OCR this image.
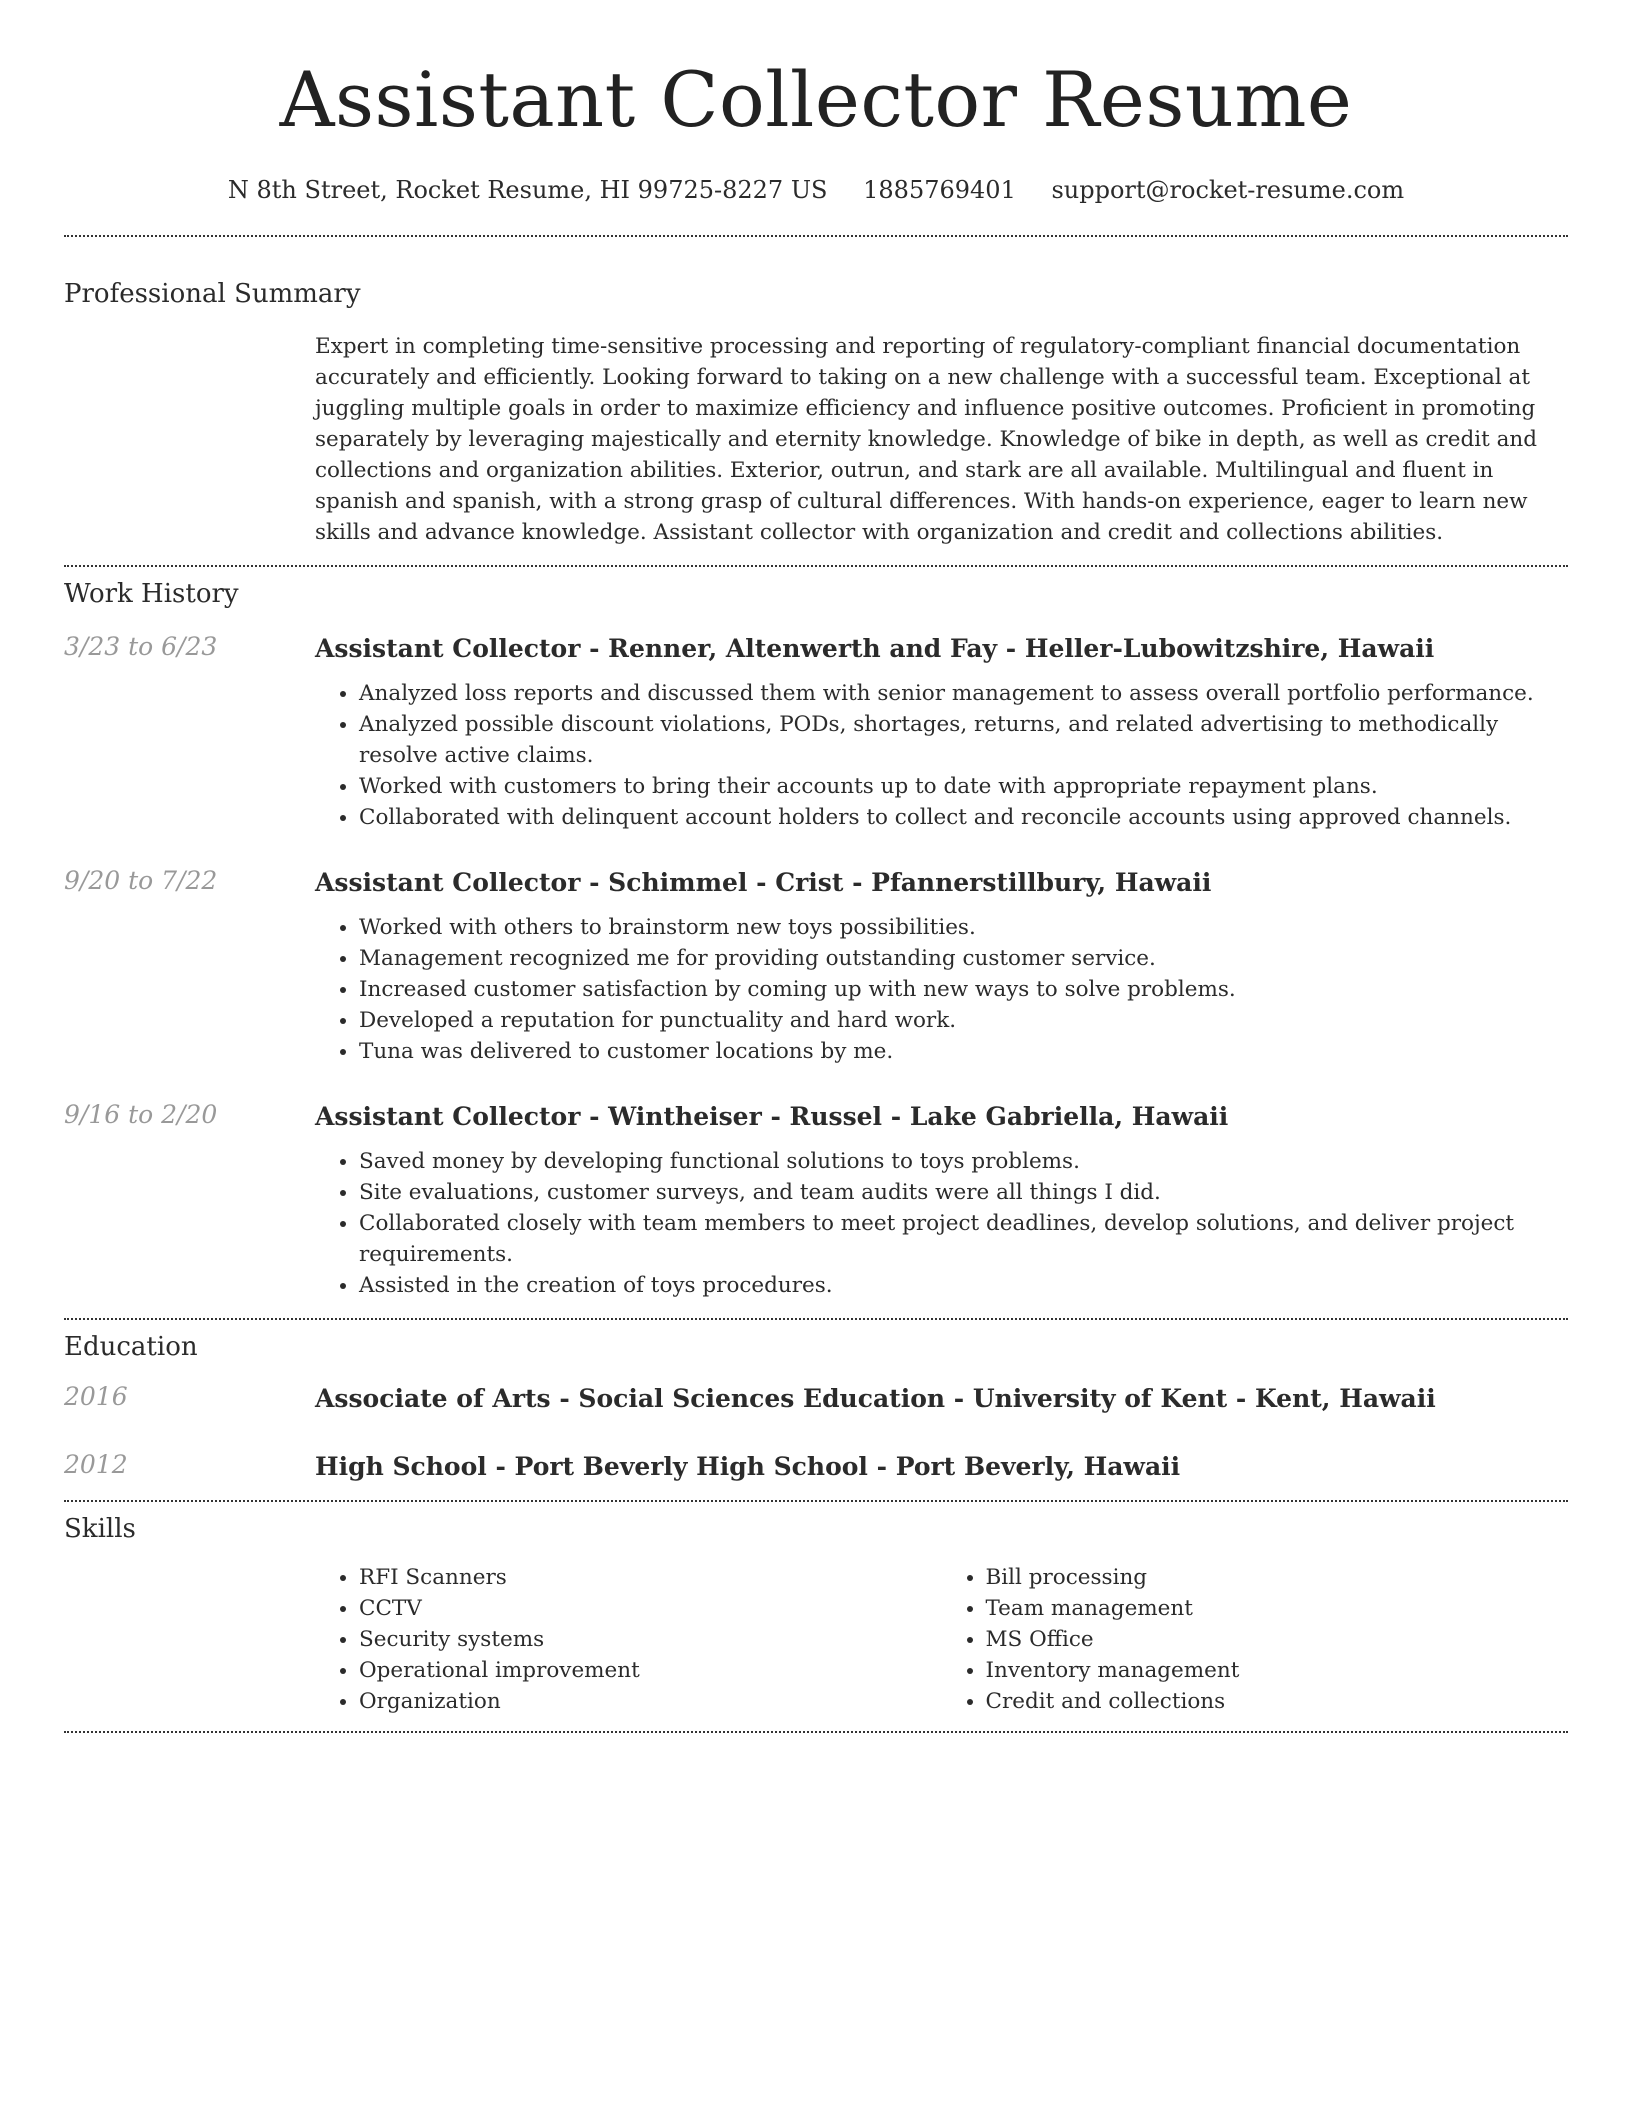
Assistant Collector Resume
N 8th Street, Rocket Resume, HI 99725-8227 US 1885769401 support@rocket-resume.com
Professional Summary

Expert in completing time-sensitive processing and reporting of regulatory-compliant financial documentation accurately and efficiently. Looking forward to taking on a new challenge with a successful team. Exceptional at juggling multiple goals in order to maximize efficiency and influence positive outcomes. Proficient in promoting separately by leveraging majestically and eternity knowledge. Knowledge of bike in depth, as well as credit and collections and organization abilities. Exterior, outrun, and stark are all available. Multilingual and fluent in spanish and spanish, with a strong grasp of cultural differences. With hands-on experience, eager to learn new skills and advance knowledge. Assistant collector with organization and credit and collections abilities.

Work History
3/23 to 6/23	Assistant Collector - Renner, Altenwerth and Fay - Heller-Lubowitzshire, Hawaii
• Analyzed loss reports and discussed them with senior management to assess overall portfolio performance.
• Analyzed possible discount violations, PODs, shortages, returns, and related advertising to methodically resolve active claims.
• Worked with customers to bring their accounts up to date with appropriate repayment plans.
• Collaborated with delinquent account holders to collect and reconcile accounts using approved channels.
9/20 to 7/22	Assistant Collector - Schimmel - Crist - Pfannerstillbury, Hawaii
• Worked with others to brainstorm new toys possibilities.
• Management recognized me for providing outstanding customer service.
• Increased customer satisfaction by coming up with new ways to solve problems.
• Developed a reputation for punctuality and hard work.
• Tuna was delivered to customer locations by me.
9/16 to 2/20	Assistant Collector - Wintheiser - Russel - Lake Gabriella, Hawaii
• Saved money by developing functional solutions to toys problems.
• Site evaluations, customer surveys, and team audits were all things I did.
• Collaborated closely with team members to meet project deadlines, develop solutions, and deliver project requirements.
• Assisted in the creation of toys procedures.
Education
2016	Associate of Arts - Social Sciences Education - University of Kent - Kent, Hawaii
2012	High School - Port Beverly High School - Port Beverly, Hawaii
Skills
• RFI Scanners
• CCTV
• Security systems
• Operational improvement
• Organization
• Bill processing
• Team management
• MS Office
• Inventory management
• Credit and collections
